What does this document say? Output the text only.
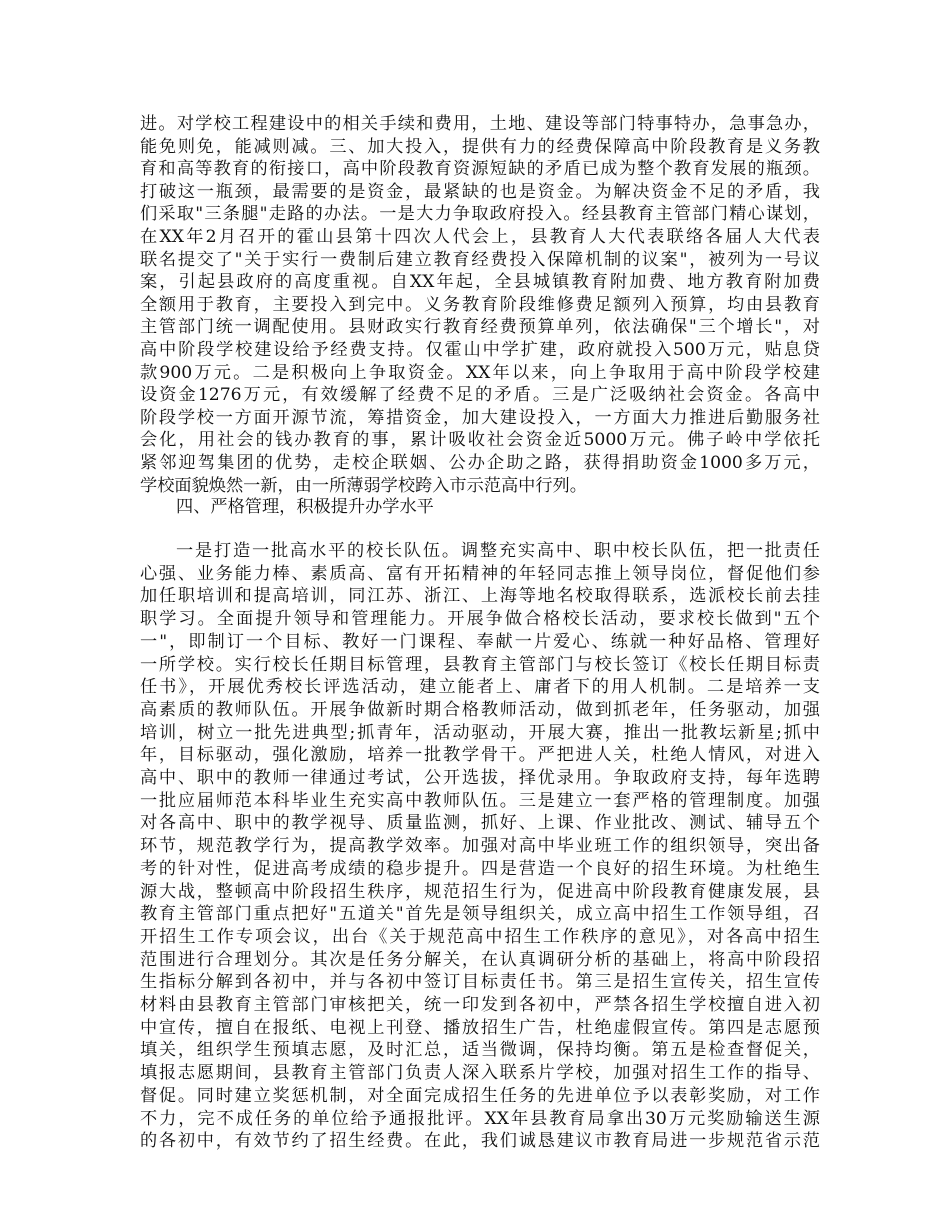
进。对学校工程建设中的相关手续和费用，土地、建设等部门特事特办，急事急办，
能免则免，能减则减。三、加大投入，提供有力的经费保障高中阶段教育是义务教
育和高等教育的衔接口，高中阶段教育资源短缺的矛盾已成为整个教育发展的瓶颈。
打破这一瓶颈，最需要的是资金，最紧缺的也是资金。为解决资金不足的矛盾，我
们采取"三条腿"走路的办法。一是大力争取政府投入。经县教育主管部门精心谋划，
在XX年2月召开的霍山县第十四次人代会上，县教育人大代表联络各届人大代表
联名提交了"关于实行一费制后建立教育经费投入保障机制的议案"，被列为一号议
案，引起县政府的高度重视。自XX年起，全县城镇教育附加费、地方教育附加费
全额用于教育，主要投入到完中。义务教育阶段维修费足额列入预算，均由县教育
主管部门统一调配使用。县财政实行教育经费预算单列，依法确保"三个增长"，对
高中阶段学校建设给予经费支持。仅霍山中学扩建，政府就投入500万元，贴息贷
款900万元。二是积极向上争取资金。XX年以来，向上争取用于高中阶段学校建
设资金1276万元，有效缓解了经费不足的矛盾。三是广泛吸纳社会资金。各高中
阶段学校一方面开源节流，筹措资金，加大建设投入，一方面大力推进后勤服务社
会化，用社会的钱办教育的事，累计吸收社会资金近5000万元。佛子岭中学依托
紧邻迎驾集团的优势，走校企联姻、公办企助之路，获得捐助资金1000多万元，
学校面貌焕然一新，由一所薄弱学校跨入市示范高中行列。
四、严格管理，积极提升办学水平
一是打造一批高水平的校长队伍。调整充实高中、职中校长队伍，把一批责任
心强、业务能力棒、素质高、富有开拓精神的年轻同志推上领导岗位，督促他们参
加任职培训和提高培训，同江苏、浙江、上海等地名校取得联系，选派校长前去挂
职学习。全面提升领导和管理能力。开展争做合格校长活动，要求校长做到"五个
一"，即制订一个目标、教好一门课程、奉献一片爱心、练就一种好品格、管理好
一所学校。实行校长任期目标管理，县教育主管部门与校长签订《校长任期目标责
任书》，开展优秀校长评选活动，建立能者上、庸者下的用人机制。二是培养一支
高素质的教师队伍。开展争做新时期合格教师活动，做到抓老年，任务驱动，加强
培训，树立一批先进典型;抓青年，活动驱动，开展大赛，推出一批教坛新星;抓中
年，目标驱动，强化激励，培养一批教学骨干。严把进人关，杜绝人情风，对进入
高中、职中的教师一律通过考试，公开选拔，择优录用。争取政府支持，每年选聘
一批应届师范本科毕业生充实高中教师队伍。三是建立一套严格的管理制度。加强
对各高中、职中的教学视导、质量监测，抓好、上课、作业批改、测试、辅导五个
环节，规范教学行为，提高教学效率。加强对高中毕业班工作的组织领导，突出备
考的针对性，促进高考成绩的稳步提升。四是营造一个良好的招生环境。为杜绝生
源大战，整顿高中阶段招生秩序，规范招生行为，促进高中阶段教育健康发展，县
教育主管部门重点把好"五道关"首先是领导组织关，成立高中招生工作领导组，召
开招生工作专项会议，出台《关于规范高中招生工作秩序的意见》，对各高中招生
范围进行合理划分。其次是任务分解关，在认真调研分析的基础上，将高中阶段招
生指标分解到各初中，并与各初中签订目标责任书。第三是招生宣传关，招生宣传
材料由县教育主管部门审核把关，统一印发到各初中，严禁各招生学校擅自进入初
中宣传，擅自在报纸、电视上刊登、播放招生广告，杜绝虚假宣传。第四是志愿预
填关，组织学生预填志愿，及时汇总，适当微调，保持均衡。第五是检查督促关，
填报志愿期间，县教育主管部门负责人深入联系片学校，加强对招生工作的指导、
督促。同时建立奖惩机制，对全面完成招生任务的先进单位予以表彰奖励，对工作
不力，完不成任务的单位给予通报批评。XX年县教育局拿出30万元奖励输送生源
的各初中，有效节约了招生经费。在此，我们诚恳建议市教育局进一步规范省示范
